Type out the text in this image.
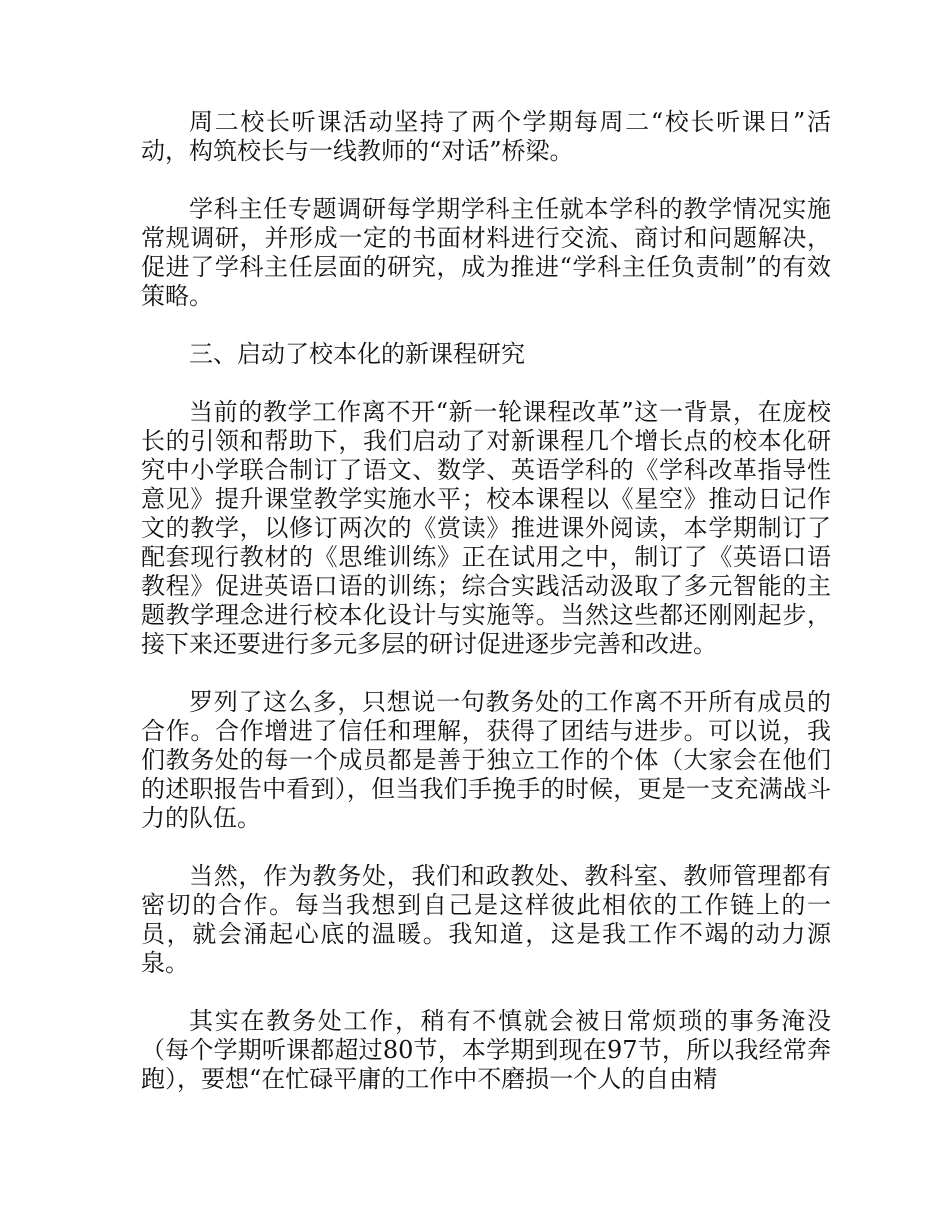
周二校长听课活动坚持了两个学期每周二“校长听课日”活动，构筑校长与一线教师的“对话”桥梁。

学科主任专题调研每学期学科主任就本学科的教学情况实施常规调研，并形成一定的书面材料进行交流、商讨和问题解决，促进了学科主任层面的研究，成为推进“学科主任负责制”的有效策略。

三、启动了校本化的新课程研究

当前的教学工作离不开“新一轮课程改革”这一背景，在庞校长的引领和帮助下，我们启动了对新课程几个增长点的校本化研究中小学联合制订了语文、数学、英语学科的《学科改革指导性意见》提升课堂教学实施水平；校本课程以《星空》推动日记作文的教学，以修订两次的《赏读》推进课外阅读，本学期制订了配套现行教材的《思维训练》正在试用之中，制订了《英语口语教程》促进英语口语的训练；综合实践活动汲取了多元智能的主题教学理念进行校本化设计与实施等。当然这些都还刚刚起步，接下来还要进行多元多层的研讨促进逐步完善和改进。

罗列了这么多，只想说一句教务处的工作离不开所有成员的合作。合作增进了信任和理解，获得了团结与进步。可以说，我们教务处的每一个成员都是善于独立工作的个体（大家会在他们的述职报告中看到），但当我们手挽手的时候，更是一支充满战斗力的队伍。

当然，作为教务处，我们和政教处、教科室、教师管理都有密切的合作。每当我想到自己是这样彼此相依的工作链上的一员，就会涌起心底的温暖。我知道，这是我工作不竭的动力源泉。

其实在教务处工作，稍有不慎就会被日常烦琐的事务淹没（每个学期听课都超过80节，本学期到现在97节，所以我经常奔跑），要想“在忙碌平庸的工作中不磨损一个人的自由精
